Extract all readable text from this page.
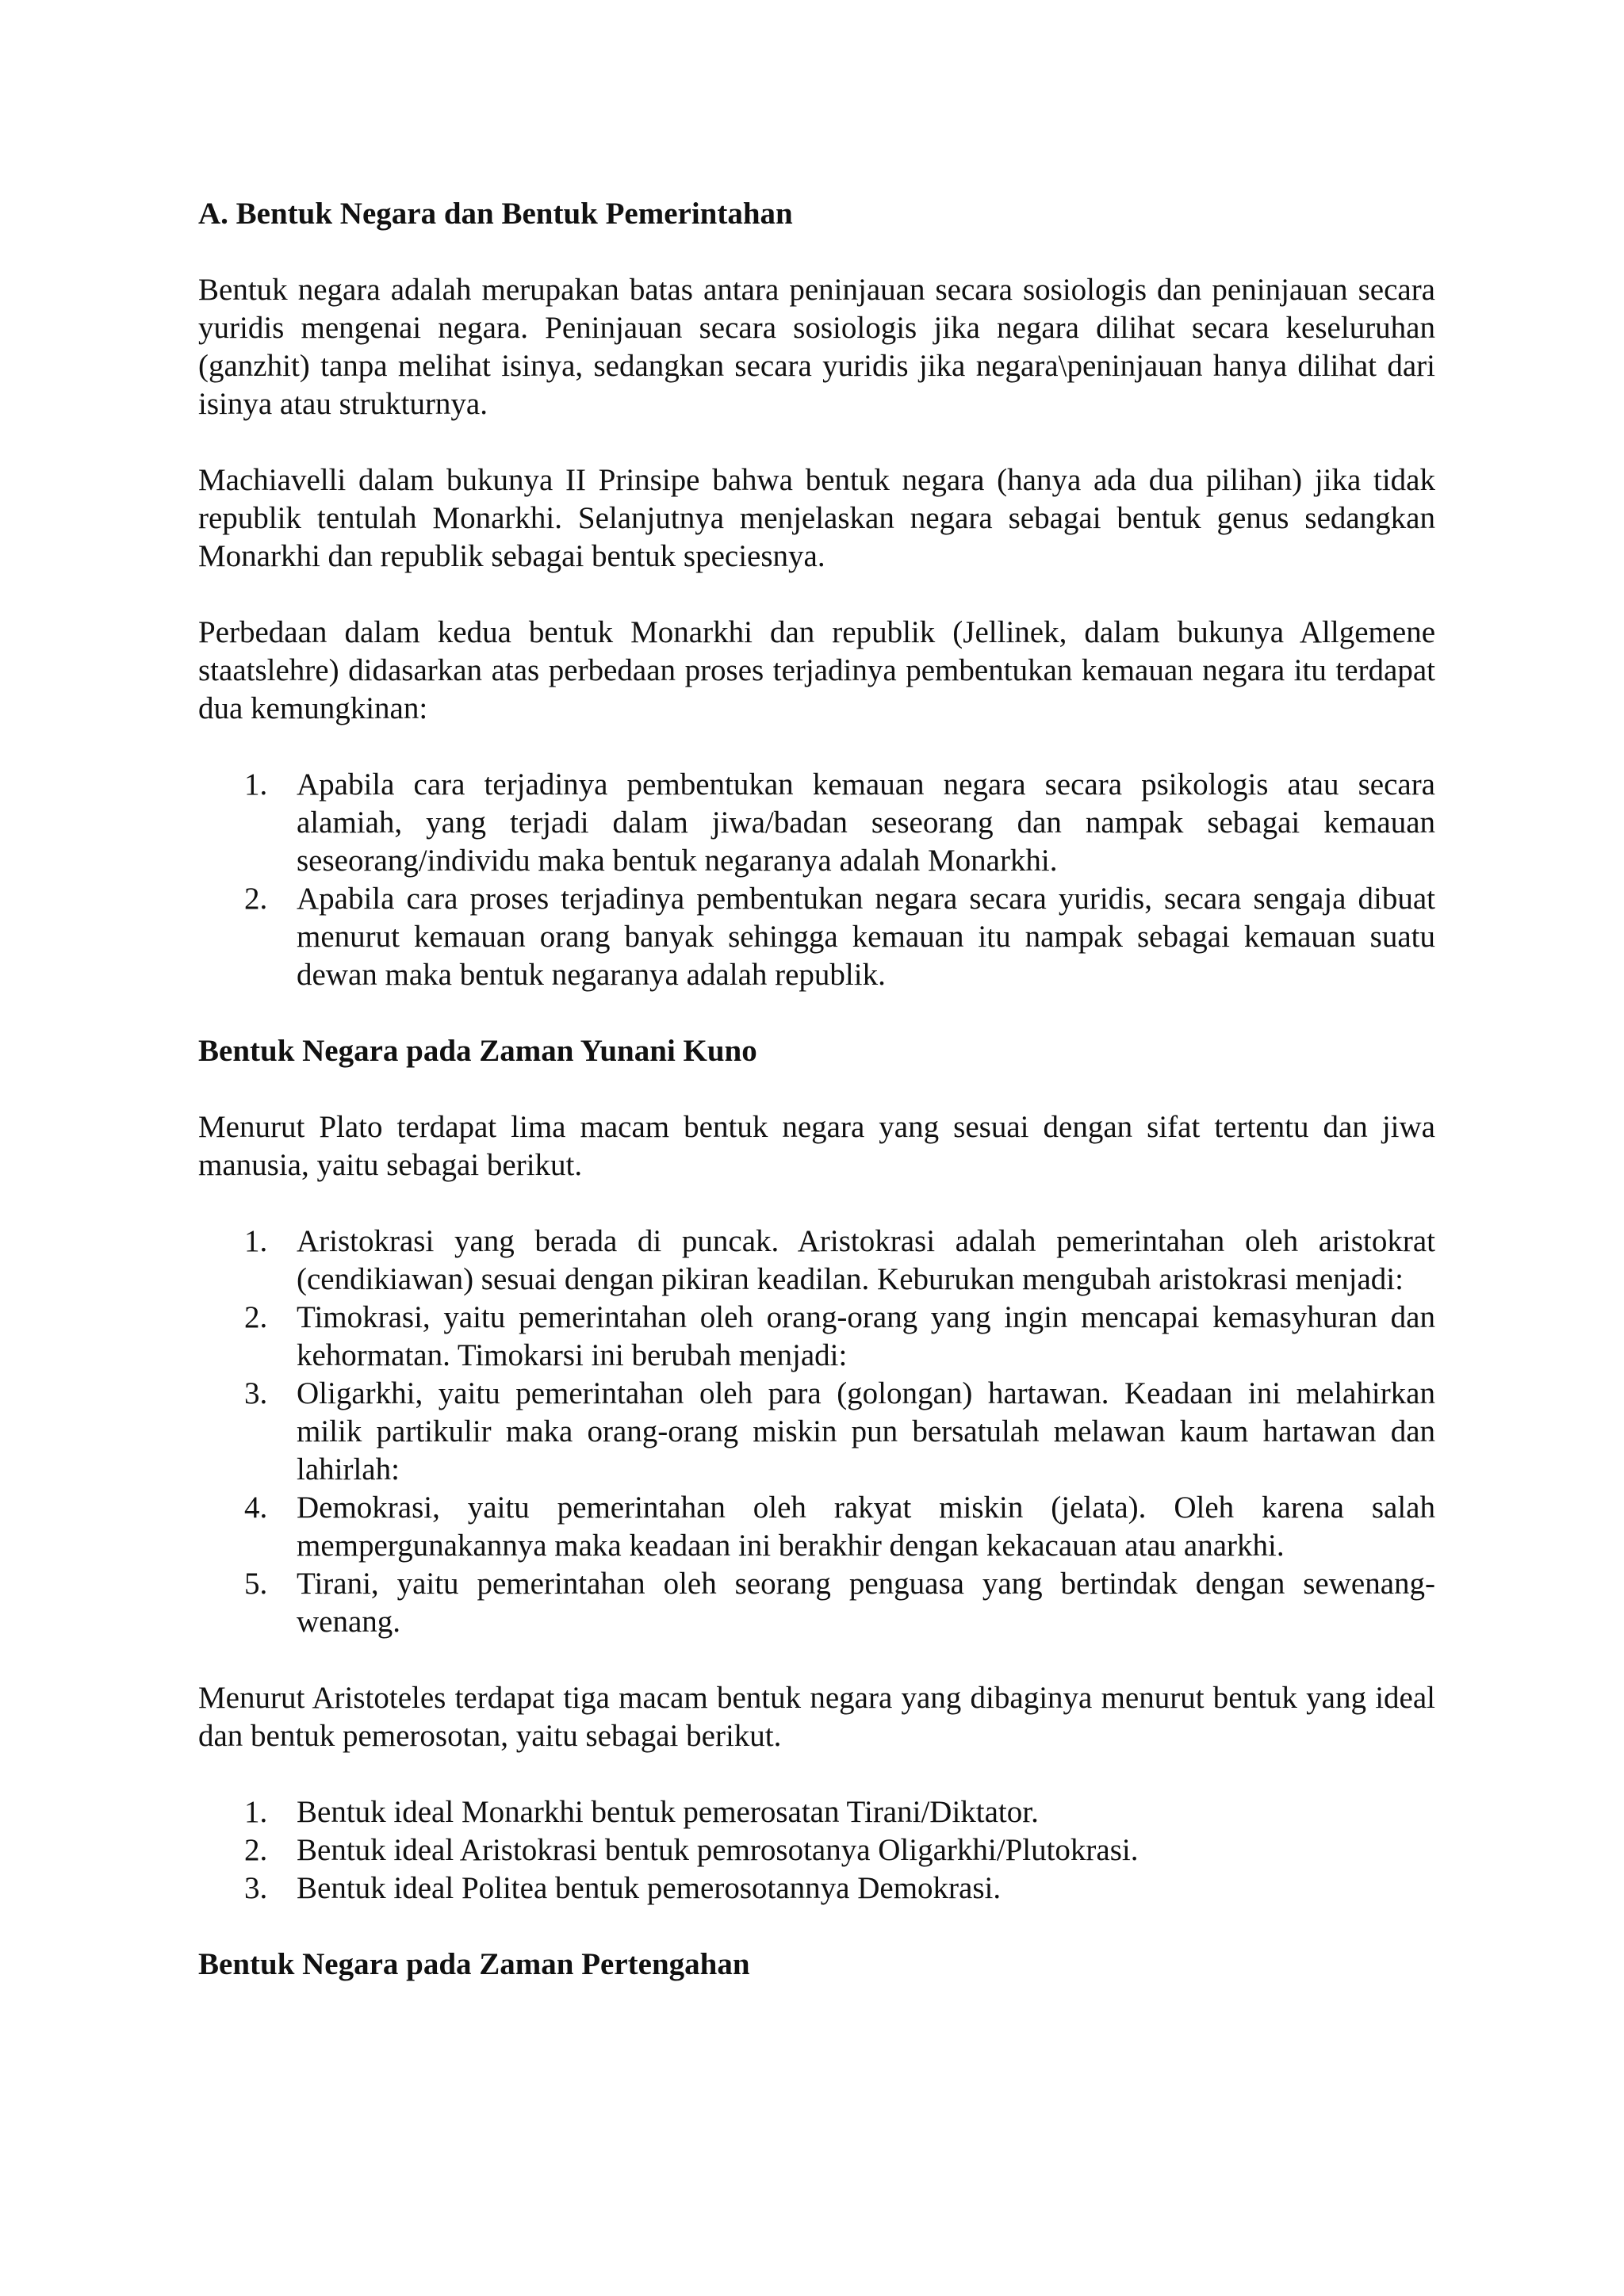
A. Bentuk Negara dan Bentuk Pemerintahan

Bentuk negara adalah merupakan batas antara peninjauan secara sosiologis dan peninjauan secara yuridis mengenai negara. Peninjauan secara sosiologis jika negara dilihat secara keseluruhan (ganzhit) tanpa melihat isinya, sedangkan secara yuridis jika negara\peninjauan hanya dilihat dari isinya atau strukturnya.

Machiavelli dalam bukunya II Prinsipe bahwa bentuk negara (hanya ada dua pilihan) jika tidak republik tentulah Monarkhi. Selanjutnya menjelaskan negara sebagai bentuk genus sedangkan Monarkhi dan republik sebagai bentuk speciesnya.

Perbedaan dalam kedua bentuk Monarkhi dan republik (Jellinek, dalam bukunya Allgemene staatslehre) didasarkan atas perbedaan proses terjadinya pembentukan kemauan negara itu terdapat dua kemungkinan:

1. Apabila cara terjadinya pembentukan kemauan negara secara psikologis atau secara alamiah, yang terjadi dalam jiwa/badan seseorang dan nampak sebagai kemauan seseorang/individu maka bentuk negaranya adalah Monarkhi.
2. Apabila cara proses terjadinya pembentukan negara secara yuridis, secara sengaja dibuat menurut kemauan orang banyak sehingga kemauan itu nampak sebagai kemauan suatu dewan maka bentuk negaranya adalah republik.
Bentuk Negara pada Zaman Yunani Kuno

Menurut Plato terdapat lima macam bentuk negara yang sesuai dengan sifat tertentu dan jiwa manusia, yaitu sebagai berikut.

1. Aristokrasi yang berada di puncak. Aristokrasi adalah pemerintahan oleh aristokrat (cendikiawan) sesuai dengan pikiran keadilan. Keburukan mengubah aristokrasi menjadi:
2. Timokrasi, yaitu pemerintahan oleh orang-orang yang ingin mencapai kemasyhuran dan kehormatan. Timokarsi ini berubah menjadi:
3. Oligarkhi, yaitu pemerintahan oleh para (golongan) hartawan. Keadaan ini melahirkan milik partikulir maka orang-orang miskin pun bersatulah melawan kaum hartawan dan lahirlah:
4. Demokrasi, yaitu pemerintahan oleh rakyat miskin (jelata). Oleh karena salah mempergunakannya maka keadaan ini berakhir dengan kekacauan atau anarkhi.
5. Tirani, yaitu pemerintahan oleh seorang penguasa yang bertindak dengan sewenang-wenang.

Menurut Aristoteles terdapat tiga macam bentuk negara yang dibaginya menurut bentuk yang ideal dan bentuk pemerosotan, yaitu sebagai berikut.

1. Bentuk ideal Monarkhi bentuk pemerosatan Tirani/Diktator.
2. Bentuk ideal Aristokrasi bentuk pemrosotanya Oligarkhi/Plutokrasi.
3. Bentuk ideal Politea bentuk pemerosotannya Demokrasi.
Bentuk Negara pada Zaman Pertengahan
